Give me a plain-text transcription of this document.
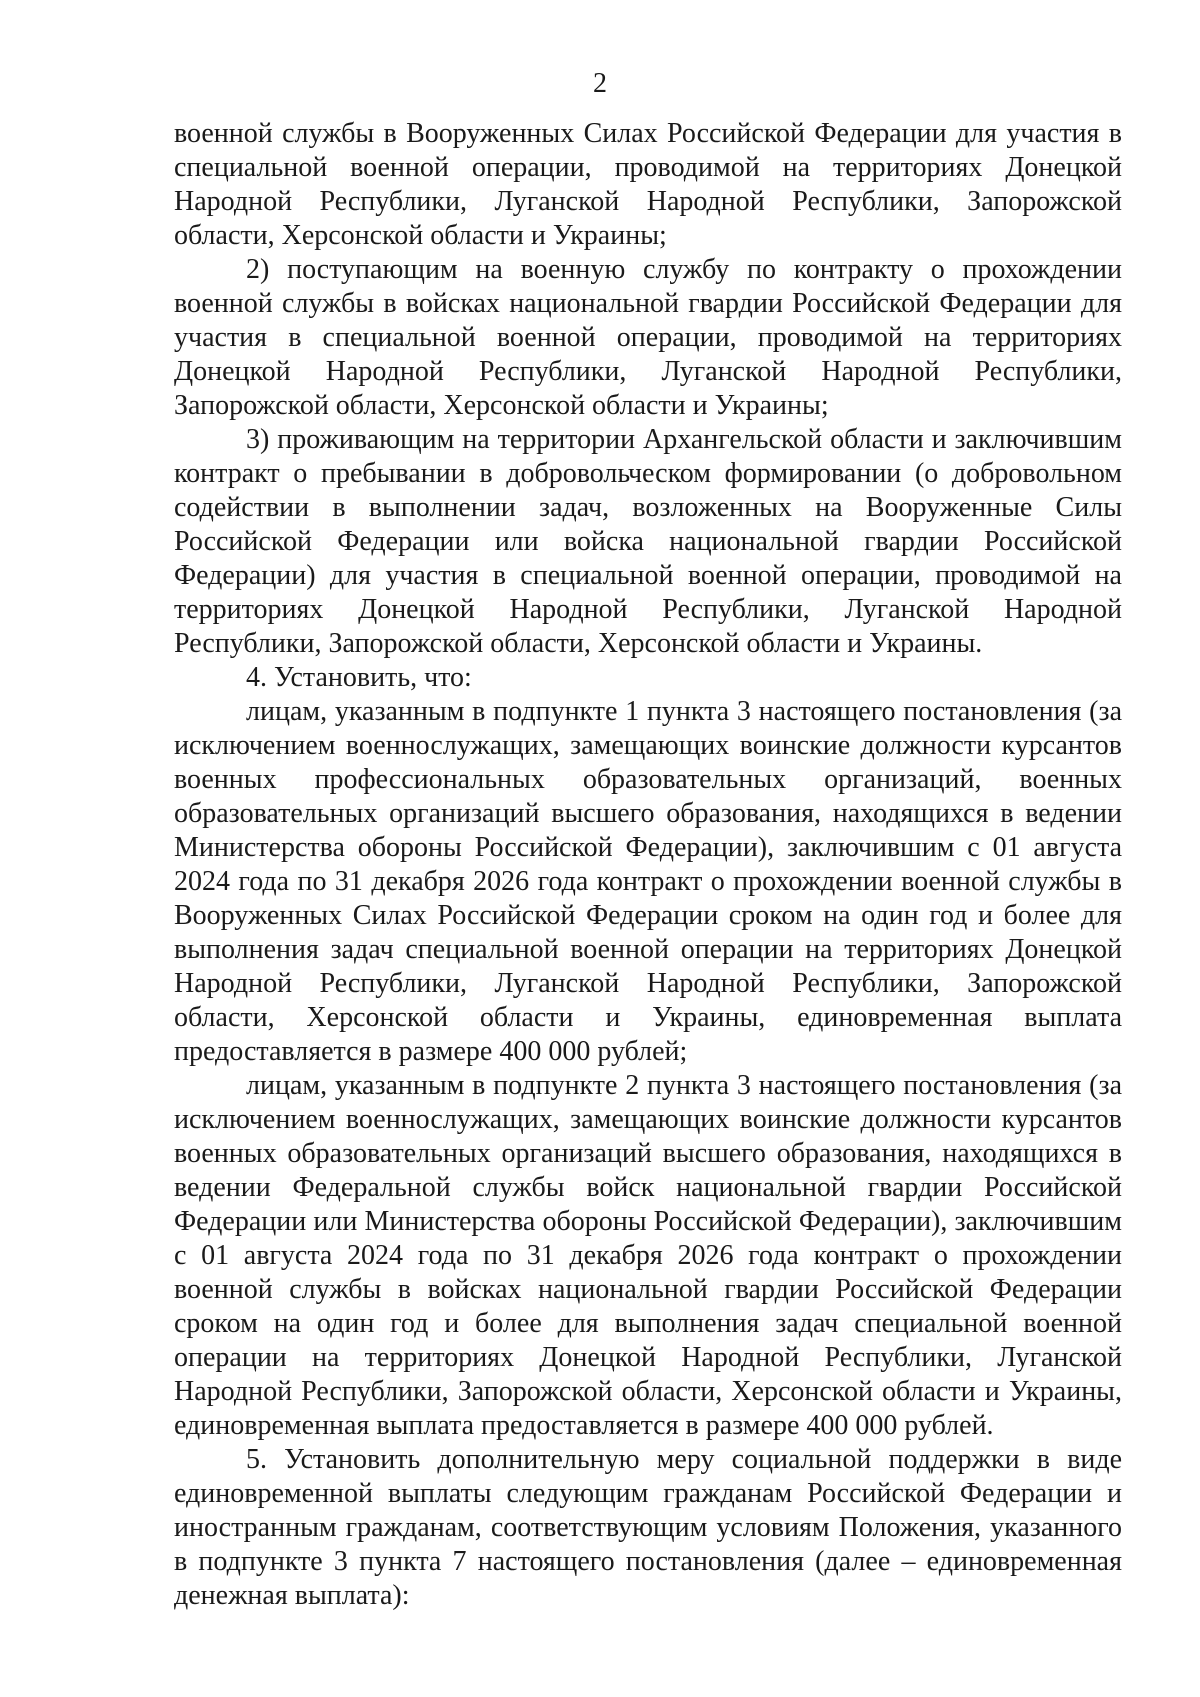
2

военной службы в Вооруженных Силах Российской Федерации для участия в специальной военной операции, проводимой на территориях Донецкой Народной Республики, Луганской Народной Республики, Запорожской области, Херсонской области и Украины;

2) поступающим на военную службу по контракту о прохождении военной службы в войсках национальной гвардии Российской Федерации для участия в специальной военной операции, проводимой на территориях Донецкой Народной Республики, Луганской Народной Республики, Запорожской области, Херсонской области и Украины;

3) проживающим на территории Архангельской области и заключившим контракт о пребывании в добровольческом формировании (о добровольном содействии в выполнении задач, возложенных на Вооруженные Силы Российской Федерации или войска национальной гвардии Российской Федерации) для участия в специальной военной операции, проводимой на территориях Донецкой Народной Республики, Луганской Народной Республики, Запорожской области, Херсонской области и Украины.

4. Установить, что:

лицам, указанным в подпункте 1 пункта 3 настоящего постановления (за исключением военнослужащих, замещающих воинские должности курсантов военных профессиональных образовательных организаций, военных образовательных организаций высшего образования, находящихся в ведении Министерства обороны Российской Федерации), заключившим с 01 августа 2024 года по 31 декабря 2026 года контракт о прохождении военной службы в Вооруженных Силах Российской Федерации сроком на один год и более для выполнения задач специальной военной операции на территориях Донецкой Народной Республики, Луганской Народной Республики, Запорожской области, Херсонской области и Украины, единовременная выплата предоставляется в размере 400 000 рублей;

лицам, указанным в подпункте 2 пункта 3 настоящего постановления (за исключением военнослужащих, замещающих воинские должности курсантов военных образовательных организаций высшего образования, находящихся в ведении Федеральной службы войск национальной гвардии Российской Федерации или Министерства обороны Российской Федерации), заключившим с 01 августа 2024 года по 31 декабря 2026 года контракт о прохождении военной службы в войсках национальной гвардии Российской Федерации сроком на один год и более для выполнения задач специальной военной операции на территориях Донецкой Народной Республики, Луганской Народной Республики, Запорожской области, Херсонской области и Украины, единовременная выплата предоставляется в размере 400 000 рублей.

5. Установить дополнительную меру социальной поддержки в виде единовременной выплаты следующим гражданам Российской Федерации и иностранным гражданам, соответствующим условиям Положения, указанного в подпункте 3 пункта 7 настоящего постановления (далее – единовременная денежная выплата):
